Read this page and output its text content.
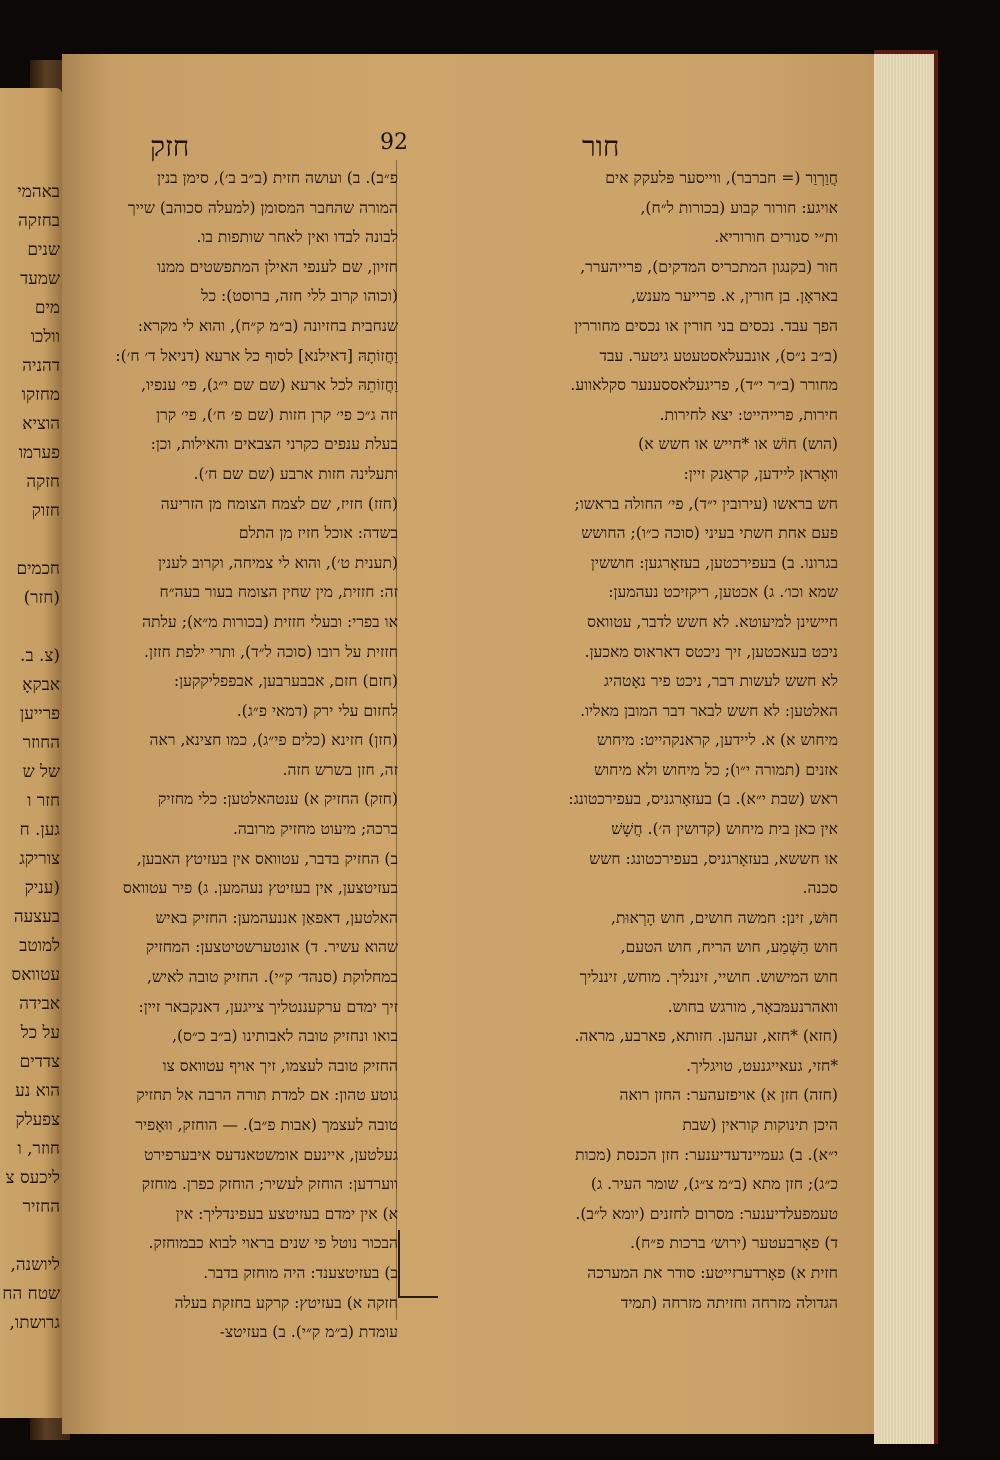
באהמי
בחזקה
שנים
שמעד
מים
וולכו
דהניה
מחזקו
הוציא
פערמו
חזקה
חזוק
חכמים
(חזר)
(צ. ב.
אבקאָ
פרייען
החוזר
של ש
חזר ו
גען. ח
צוריקג
(עניק
בעצעה
למוטב
עטוואס
אבידה
על כל
צדדים
הוא נע
צפעלק
חוזר, ו
ליכעס צ
החזיר
ליושנה,
שטח הח
גרושתו,
חזק	92	חור
חֲוַרְוַר (= חברבר), ווייסער פּלעקק אים
אויגע: חורור קבוע (בכורות ל״ח),
ות״י סנורים חורוריא.
חור (בקנגון המתכריס המדקים), פרייהערר,
באראָן. בן חורין, א. פרייער מענש,
הפך עבד. נכסים בני חורין או נכסים מחוררין
(ב״ב נ״ס), אונבעלאסטעטע גיטער. עבד
מחורר (ב״ר י״ד), פריגעלאססענער סקלאווע.
חירות, פרייהייט: יצא לחירות.
(הוש) חוֹשׁ או *חייש או חשש א)
וואָראן ליידען, קראַנק זיין:
חש בראשו (עירובין י״ד), פי׳ החולה בראשו;
פעם אחת חשתי בעיני (סוכה כ״ו); החושש
בגרונו. ב) בעפירכטען, בעזאָרגען: חוששין
שמא וכו׳. ג) אכטען, ריקזיכט נעהמען:
חיישינן למיעוטא. לא חשש לדבר, עטוואס
ניכט בעאכטען, זיך ניכטס דאראוס מאכען.
לא חשש לעשות דבר, ניכט פיר נאָטהיג
האלטען: לא חשש לבאר דבר המובן מאליו.
מיחוש א) א. ליידען, קראנקהייט: מיחוש
אזנים (תמורה י״ו); כל מיחוש ולא מיחוש
ראש (שבת י״א). ב) בעזאָרגניס, בעפירכטונג:
אין כאן בית מיחוש (קדושין ה׳). חֲשָׁשׁ
או חששא, בעזאָרגניס, בעפירכטונג: חשש
סכנה.
חוּשׁ, זינן: חמשה חושים, חוש הָרְאוּת,
חוש הַשְּׁמַע, חוש הריח, חוש הטעם,
חוש המישוש. חושיי, זיננליך. מוחש, זיננליך
וואהרנעמּבאָר, מורגש בחוש.
(חזא) *חזא, זעהען. חזותא, פארבע, מראה.
*חזי, געאייגנעט, טויגליך.
(חזה) חזן א) אויפזעהער: החזן רואה
היכן תינוקות קוראין (שבת
י״א). ב) געמיינדעדיענער: חזן הכנסת (מכות
כ״ג); חזן מתא (ב״מ צ״ג), שומר העיר. ג)
טעמפעלדיענער: מסרום לחזנים (יומא ל״ב).
ד) פאָרבעטער (ירוש׳ ברכות פ״ח).
חזית א) פאָרדערזייטע: סודר את המערכה
הגדולה מזרחה וחזיתה מזרחה (תמיד
פ״ב). ב) ועושה חזית (ב״ב ב׳), סימן בנין
המורה שהחבר המסומן (למעלה סכוהב) שייך
לבונה לבדו ואין לאחר שותפות בו.
חזיון, שם לענפי האילן המתפשטים ממנו
(וכוהו קרוב ללי חזה, ברוסט): כל
שנחבית בחזיונה (ב״מ ק״ח), והוא לי מקרא:
וַחֲזוֹתָהּ [דאילנא] לסוף כל ארעא (דניאל ד׳ ח׳):
וַחֲזוֹתֵהּ לכל ארעא (שם שם י״ג), פי׳ ענפיו,
וזה ג״כ פי׳ קרן חזות (שם פ׳ ח׳), פי׳ קרן
בעלת ענפים כקרני הצבאים והאילות, וכן:
ותעלינה חזות ארבע (שם שם ח׳).
(חזז) חזיז, שם לצמח הצומח מן הזריעה
בשדה: אוכל חזיז מן התלם
(תענית ט׳), והוא לי צמיחה, וקרוב לענין
זה: חזזית, מין שחין הצומח בעור בעה״ח
או בפרי: ובעלי חזזית (בכורות מ״א); עלתה
חזזית על רובו (סוכה ל״ד), ותרי ילפת חזזן.
(חזם) חזם, אבבערבען, אבפפליקקען:
לחזום עלי ירק (דמאי פ״ג).
(חזן) חזינא (כלים פי״ג), כמו חצינא, ראה
זה, חזן בשרש חזה.
(חזק) החזיק א) ענטהאלטען: כלי מחזיק
ברכה; מיעוט מחזיק מרובה.
ב) החזיק בדבר, עטוואס אין בעזיטץ האבען,
בעזיטצען, אין בעזיטץ נעהמען. ג) פיר עטוואס
האלטען, דאפאַן אננעהמען: החזיק באיש
שהוא עשיר. ד) אונטערשטיטצען: המחזיק
במחלוקת (סנהד׳ ק״י). החזיק טובה לאיש,
זיך ימדם ערקעננטליך צייגען, דאנקבאר זיין:
בואו ונחזיק טובה לאבותינו (ב״ב כ״ס),
החזיק טובה לעצמו, זיך אויף עטוואס צו
גוטע טהון: אם למדת תורה הרבה אל תחזיק
טובה לעצמך (אבות פ״ב). — הוחזק, ווּאָפיר
געלטען, איינעם אומשטאנדעס איבערפירט
ווערדען: הוחזק לעשיר; הוחזק כפרן. מוחזק
א) אין ימדם בעזיטצע בעפינדליך: אין
הבכור נוטל פי שנים בראוי לבוא כבמוחזק.
ב) בעזיטצענד: היה מוחזק בדבר.
חזקה א) בעזיטץ: קרקע בחזקת בעלה
עומדת (ב״מ ק״י). ב) בעזיטצ-
